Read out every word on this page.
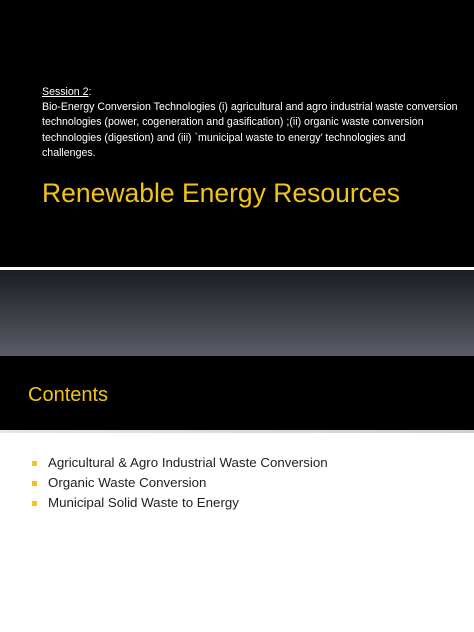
Session 2:
Bio-Energy Conversion Technologies (i) agricultural and agro industrial waste conversion technologies (power, cogeneration and gasification) ;(ii) organic waste conversion technologies (digestion) and (iii) `municipal waste to energy’ technologies and challenges.
Renewable Energy Resources
Contents
Agricultural & Agro Industrial Waste Conversion
Organic Waste Conversion
Municipal Solid Waste to Energy
